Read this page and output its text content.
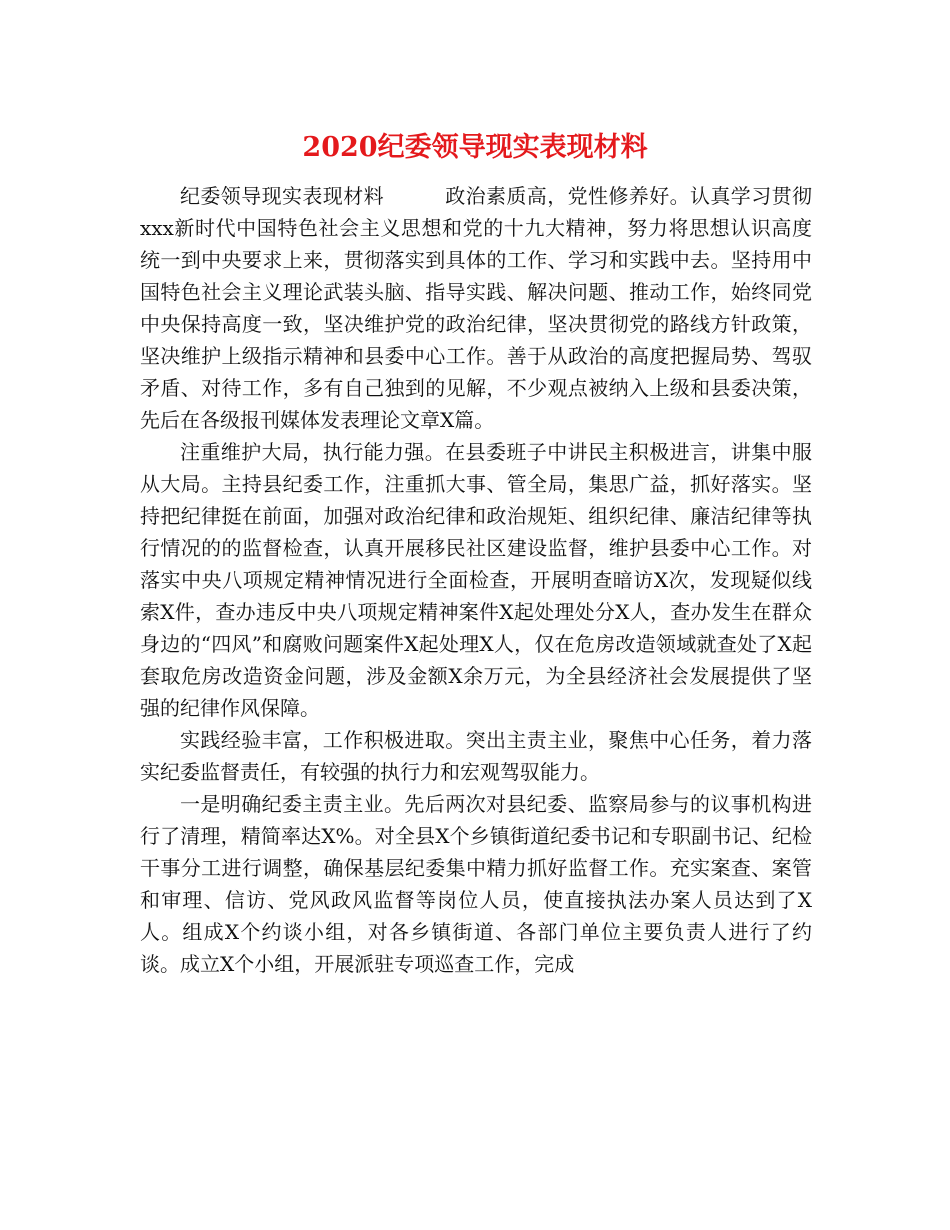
2020纪委领导现实表现材料

纪委领导现实表现材料　　　政治素质高，党性修养好。认真学习贯彻xxx新时代中国特色社会主义思想和党的十九大精神，努力将思想认识高度统一到中央要求上来，贯彻落实到具体的工作、学习和实践中去。坚持用中国特色社会主义理论武装头脑、指导实践、解决问题、推动工作，始终同党中央保持高度一致，坚决维护党的政治纪律，坚决贯彻党的路线方针政策，坚决维护上级指示精神和县委中心工作。善于从政治的高度把握局势、驾驭矛盾、对待工作，多有自己独到的见解，不少观点被纳入上级和县委决策，先后在各级报刊媒体发表理论文章X篇。

注重维护大局，执行能力强。在县委班子中讲民主积极进言，讲集中服从大局。主持县纪委工作，注重抓大事、管全局，集思广益，抓好落实。坚持把纪律挺在前面，加强对政治纪律和政治规矩、组织纪律、廉洁纪律等执行情况的的监督检查，认真开展移民社区建设监督，维护县委中心工作。对落实中央八项规定精神情况进行全面检查，开展明查暗访X次，发现疑似线索X件，查办违反中央八项规定精神案件X起处理处分X人，查办发生在群众身边的“四风”和腐败问题案件X起处理X人，仅在危房改造领域就查处了X起套取危房改造资金问题，涉及金额X余万元，为全县经济社会发展提供了坚强的纪律作风保障。

实践经验丰富，工作积极进取。突出主责主业，聚焦中心任务，着力落实纪委监督责任，有较强的执行力和宏观驾驭能力。

一是明确纪委主责主业。先后两次对县纪委、监察局参与的议事机构进行了清理，精简率达X%。对全县X个乡镇街道纪委书记和专职副书记、纪检干事分工进行调整，确保基层纪委集中精力抓好监督工作。充实案查、案管和审理、信访、党风政风监督等岗位人员，使直接执法办案人员达到了X人。组成X个约谈小组，对各乡镇街道、各部门单位主要负责人进行了约谈。成立X个小组，开展派驻专项巡查工作，完成
